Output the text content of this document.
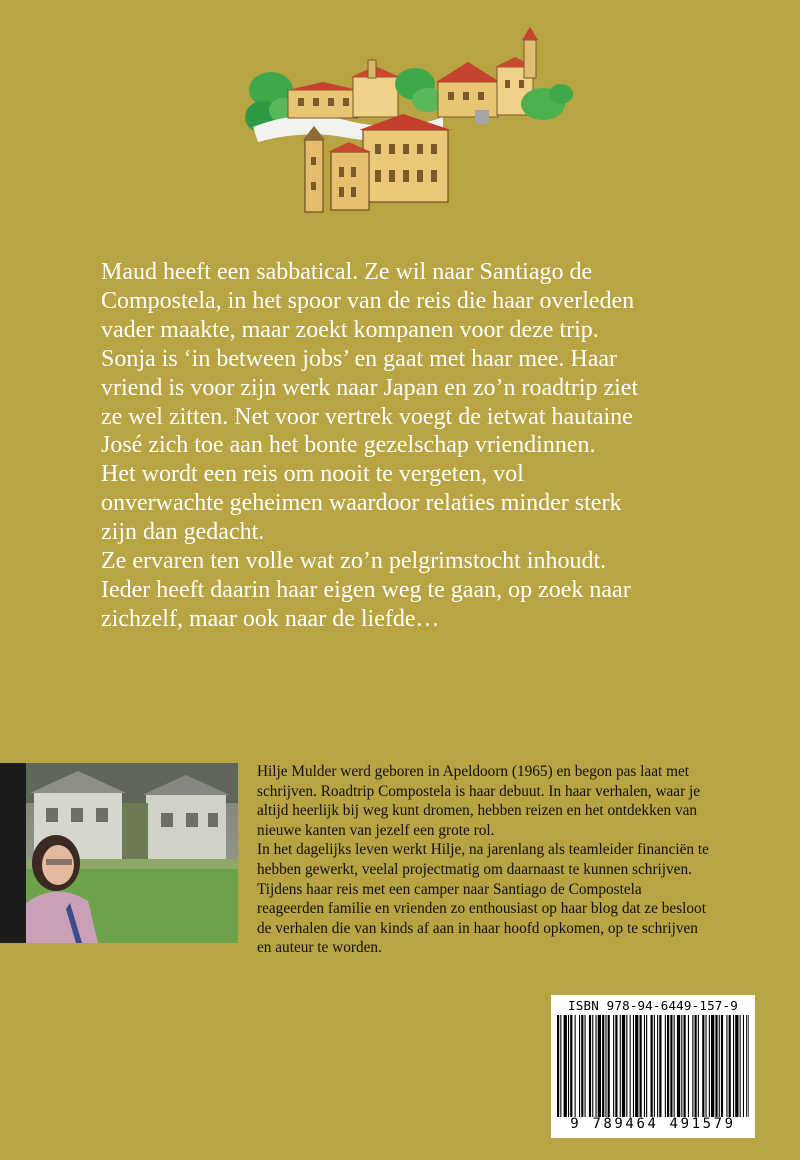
Maud heeft een sabbatical. Ze wil naar Santiago de

Compostela, in het spoor van de reis die haar overleden

vader maakte, maar zoekt kompanen voor deze trip.

Sonja is ‘in between jobs’ en gaat met haar mee. Haar

vriend is voor zijn werk naar Japan en zo’n roadtrip ziet

ze wel zitten. Net voor vertrek voegt de ietwat hautaine

José zich toe aan het bonte gezelschap vriendinnen.

Het wordt een reis om nooit te vergeten, vol

onverwachte geheimen waardoor relaties minder sterk

zijn dan gedacht.

Ze ervaren ten volle wat zo’n pelgrimstocht inhoudt.

Ieder heeft daarin haar eigen weg te gaan, op zoek naar

zichzelf, maar ook naar de liefde…

Hilje Mulder werd geboren in Apeldoorn (1965) en begon pas laat met

schrijven. Roadtrip Compostela is haar debuut. In haar verhalen, waar je

altijd heerlijk bij weg kunt dromen, hebben reizen en het ontdekken van

nieuwe kanten van jezelf een grote rol.

In het dagelijks leven werkt Hilje, na jarenlang als teamleider financiën te

hebben gewerkt, veelal projectmatig om daarnaast te kunnen schrijven.

Tijdens haar reis met een camper naar Santiago de Compostela

reageerden familie en vrienden zo enthousiast op haar blog dat ze besloot

de verhalen die van kinds af aan in haar hoofd opkomen, op te schrijven

en auteur te worden.

ISBN 978-94-6449-157-9
9 789464 491579
